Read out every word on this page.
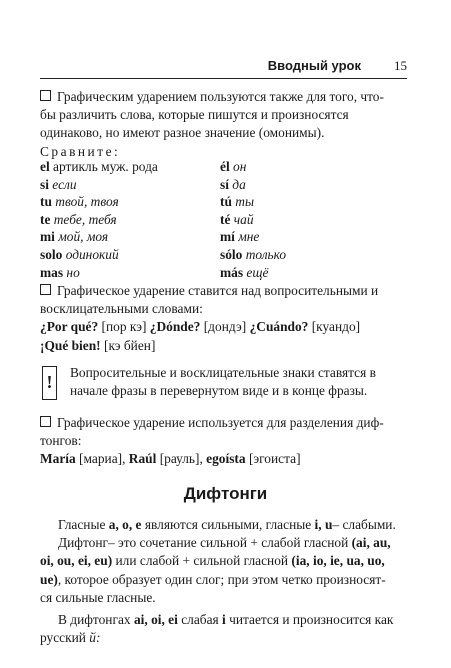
Вводный урок	15

Графическим ударением пользуются также для того, что-

бы различить слова, которые пишутся и произносятся

одинаково, но имеют разное значение (омонимы).

Сравните:

el артикль муж. рода	él он
si если	sí да
tu твой, твоя	tú ты
te тебе, тебя	té чай
mi мой, моя	mí мне
solo одинокий	sólo только
mas но	más ещё

Графическое ударение ставится над вопросительными и

восклицательными словами:

¿Por qué? [пор кэ] ¿Dónde? [дондэ] ¿Cuándo? [куандо]

¡Qué bien! [кэ бйен]

!	Вопросительные и восклицательные знаки ставятся в

начале фразы в перевернутом виде и в конце фразы.

Графическое ударение используется для разделения диф-

тонгов:

María [мариа], Raúl [рауль], egoísta [эгоиста]

Дифтонги

Гласные a, o, e являются сильными, гласные i, u– слабыми.

Дифтонг– это сочетание сильной + слабой гласной (ai, au,

oi, ou, ei, eu) или слабой + сильной гласной (ia, io, ie, ua, uo,

ue), которое образует один слог; при этом четко произносят-

ся сильные гласные.

В дифтонгах ai, oi, ei слабая i читается и произносится как

русский й:
